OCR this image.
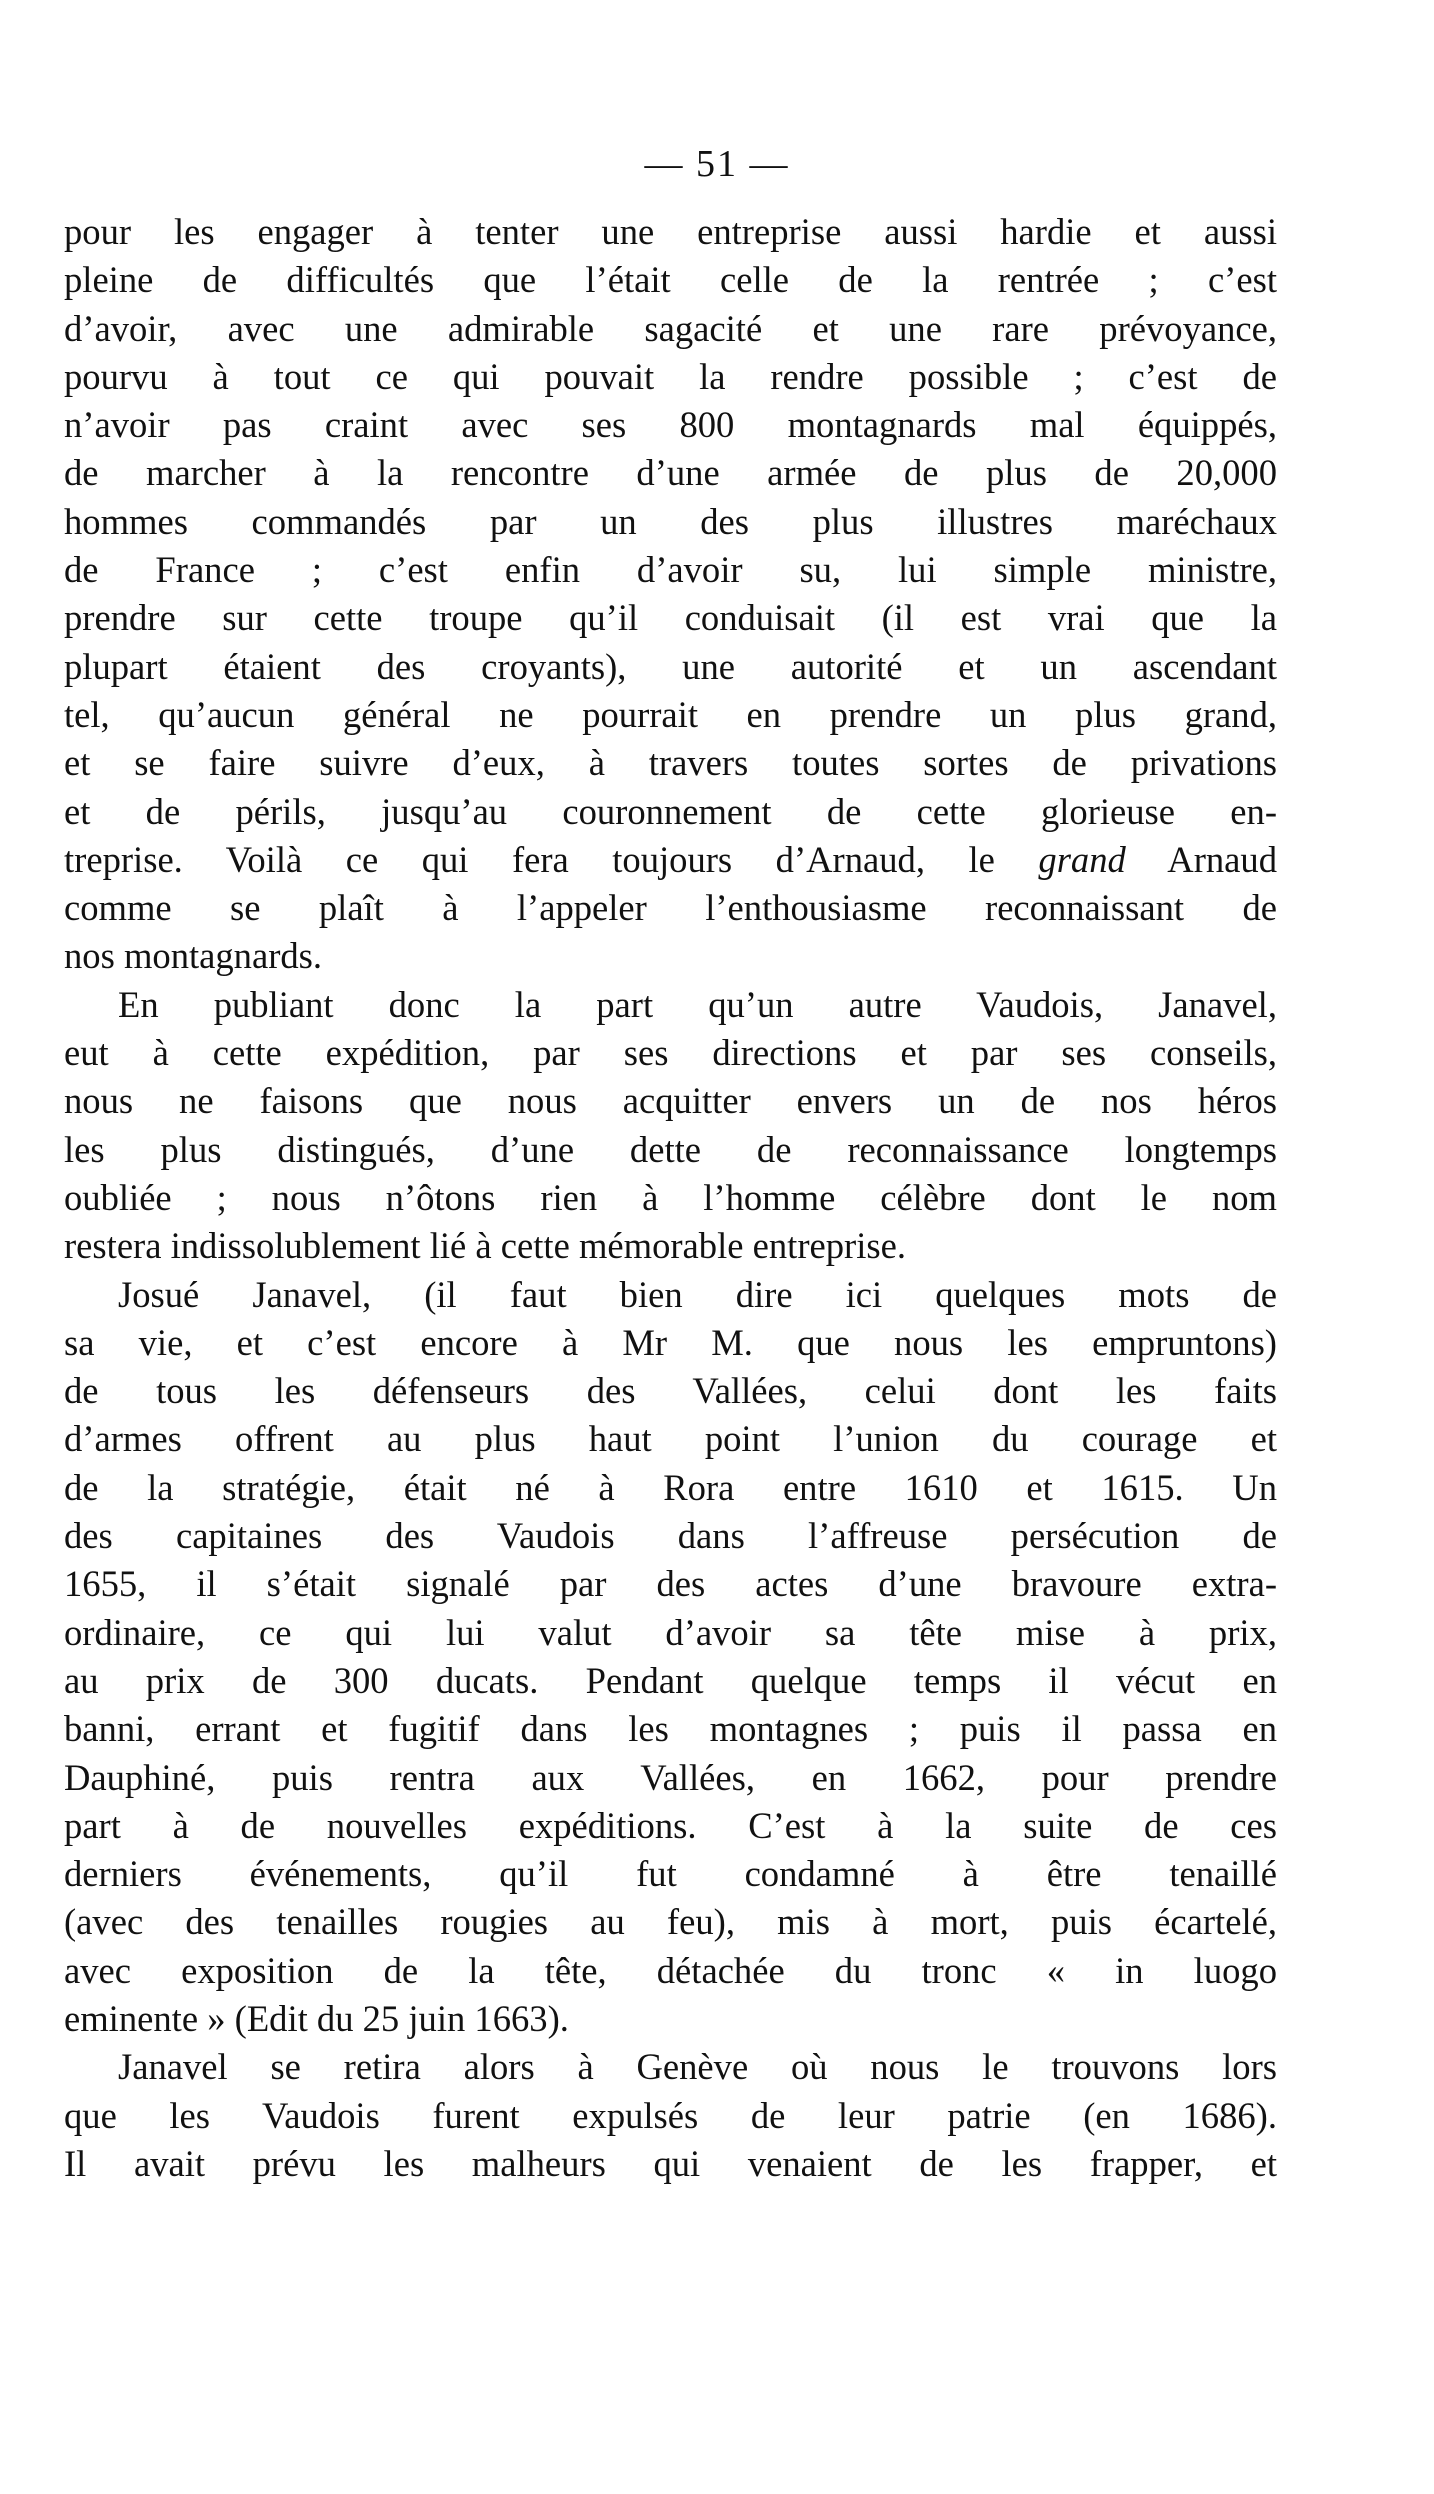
— 51 —
pour les engager à tenter une entreprise aussi hardie et aussi
pleine de difficultés que l’était celle de la rentrée ; c’est
d’avoir, avec une admirable sagacité et une rare prévoyance,
pourvu à tout ce qui pouvait la rendre possible ; c’est de
n’avoir pas craint avec ses 800 montagnards mal équippés,
de marcher à la rencontre d’une armée de plus de 20,000
hommes commandés par un des plus illustres maréchaux
de France ; c’est enfin d’avoir su, lui simple ministre,
prendre sur cette troupe qu’il conduisait (il est vrai que la
plupart étaient des croyants), une autorité et un ascendant
tel, qu’aucun général ne pourrait en prendre un plus grand,
et se faire suivre d’eux, à travers toutes sortes de privations
et de périls, jusqu’au couronnement de cette glorieuse en-
treprise. Voilà ce qui fera toujours d’Arnaud, le grand Arnaud
comme se plaît à l’appeler l’enthousiasme reconnaissant de
nos montagnards.
En publiant donc la part qu’un autre Vaudois, Janavel,
eut à cette expédition, par ses directions et par ses conseils,
nous ne faisons que nous acquitter envers un de nos héros
les plus distingués, d’une dette de reconnaissance longtemps
oubliée ; nous n’ôtons rien à l’homme célèbre dont le nom
restera indissolublement lié à cette mémorable entreprise.
Josué Janavel, (il faut bien dire ici quelques mots de
sa vie, et c’est encore à Mr M. que nous les empruntons)
de tous les défenseurs des Vallées, celui dont les faits
d’armes offrent au plus haut point l’union du courage et
de la stratégie, était né à Rora entre 1610 et 1615. Un
des capitaines des Vaudois dans l’affreuse persécution de
1655, il s’était signalé par des actes d’une bravoure extra-
ordinaire, ce qui lui valut d’avoir sa tête mise à prix,
au prix de 300 ducats. Pendant quelque temps il vécut en
banni, errant et fugitif dans les montagnes ; puis il passa en
Dauphiné, puis rentra aux Vallées, en 1662, pour prendre
part à de nouvelles expéditions. C’est à la suite de ces
derniers événements, qu’il fut condamné à être tenaillé
(avec des tenailles rougies au feu), mis à mort, puis écartelé,
avec exposition de la tête, détachée du tronc « in luogo
eminente » (Edit du 25 juin 1663).
Janavel se retira alors à Genève où nous le trouvons lors
que les Vaudois furent expulsés de leur patrie (en 1686).
Il avait prévu les malheurs qui venaient de les frapper, et
